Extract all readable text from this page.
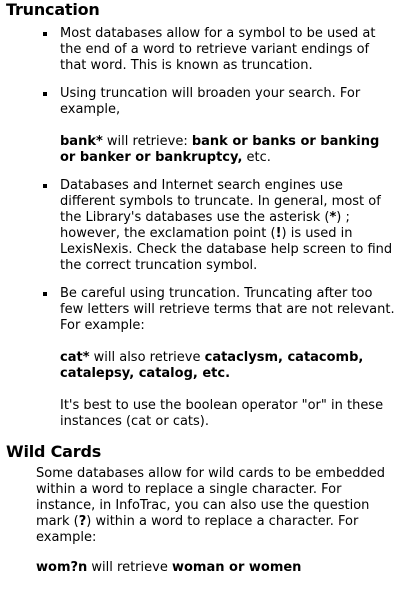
Truncation

Most databases allow for a symbol to be used at the end of a word to retrieve variant endings of that word. This is known as truncation.

Using truncation will broaden your search. For example,

bank* will retrieve: bank or banks or banking or banker or bankruptcy, etc.

Databases and Internet search engines use different symbols to truncate. In general, most of the Library's databases use the asterisk (*) ; however, the exclamation point (!) is used in LexisNexis. Check the database help screen to find the correct truncation symbol.

Be careful using truncation. Truncating after too few letters will retrieve terms that are not relevant. For example:

cat* will also retrieve cataclysm, catacomb, catalepsy, catalog, etc.

It's best to use the boolean operator "or" in these instances (cat or cats).

Wild Cards

Some databases allow for wild cards to be embedded within a word to replace a single character. For instance, in InfoTrac, you can also use the question mark (?) within a word to replace a character. For example:

wom?n will retrieve woman or women
